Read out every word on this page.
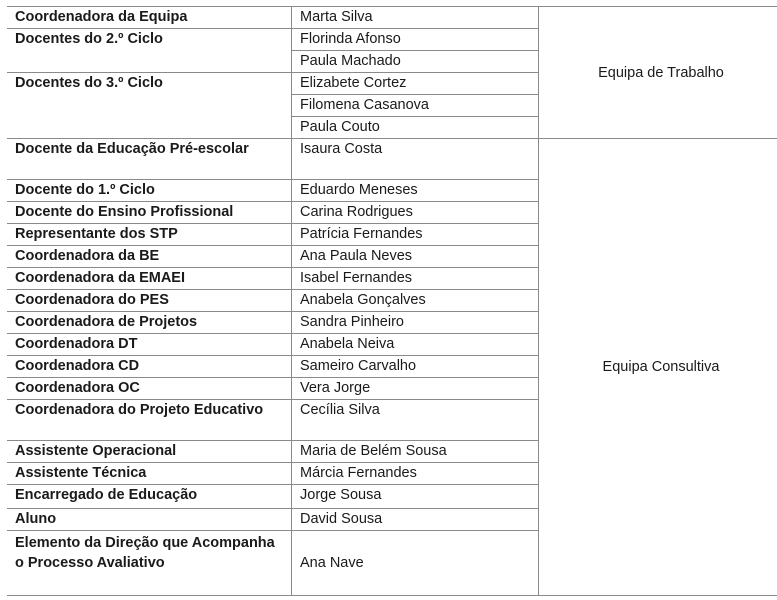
Coordenadora da Equipa	Marta Silva	Equipa de Trabalho
Docentes do 2.º Ciclo	Florinda Afonso	
	Paula Machado	
Docentes do 3.º Ciclo	Elizabete Cortez	
	Filomena Casanova	
	Paula Couto	
Docente da Educação Pré-escolar	Isaura Costa	Equipa Consultiva
Docente do 1.º Ciclo	Eduardo Meneses	
Docente do Ensino Profissional	Carina Rodrigues	
Representante dos STP	Patrícia Fernandes	
Coordenadora da BE	Ana Paula Neves	
Coordenadora da EMAEI	Isabel Fernandes	
Coordenadora do PES	Anabela Gonçalves	
Coordenadora de Projetos	Sandra Pinheiro	
Coordenadora DT	Anabela Neiva	
Coordenadora CD	Sameiro Carvalho	
Coordenadora OC	Vera Jorge	
Coordenadora do Projeto Educativo	Cecília Silva	
Assistente Operacional	Maria de Belém Sousa	
Assistente Técnica	Márcia Fernandes	
Encarregado de Educação	Jorge Sousa	
Aluno	David Sousa	
Elemento da Direção que Acompanha o Processo Avaliativo	Ana Nave	
